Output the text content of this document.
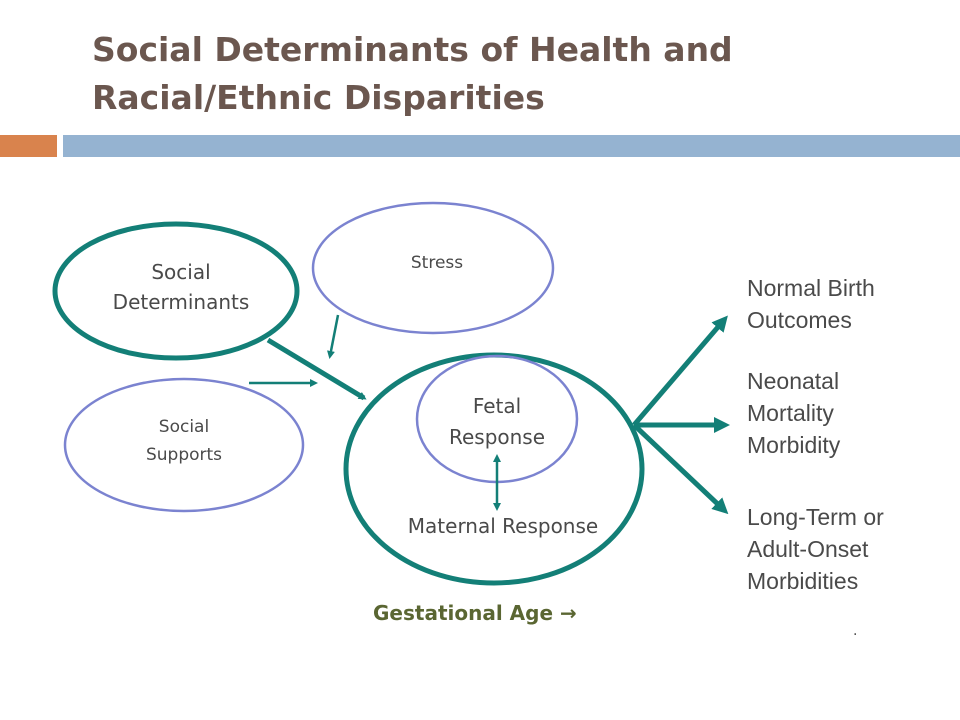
Social Determinants of Health and
Racial/Ethnic Disparities
Social
Determinants
Stress
Social
Supports
Maternal Response
Fetal
Response
Normal Birth
Outcomes
Neonatal
Mortality
Morbidity
Long-Term or
Adult-Onset
Morbidities
Gestational Age →
.
